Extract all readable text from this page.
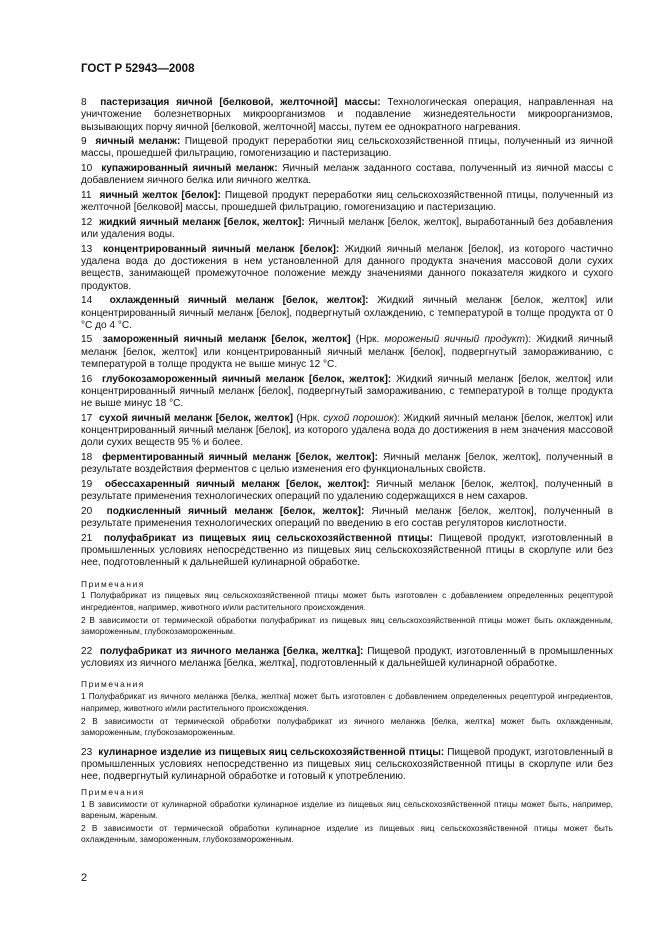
ГОСТ Р 52943—2008

8 пастеризация яичной [белковой, желточной] массы: Технологическая операция, направленная на уничтожение болезнетворных микроорганизмов и подавление жизнедеятельности микроорганизмов, вызывающих порчу яичной [белковой, желточной] массы, путем ее однократного нагревания.

9 яичный меланж: Пищевой продукт переработки яиц сельскохозяйственной птицы, полученный из яичной массы, прошедшей фильтрацию, гомогенизацию и пастеризацию.

10 купажированный яичный меланж: Яичный меланж заданного состава, полученный из яичной массы с добавлением яичного белка или яичного желтка.

11 яичный желток [белок]: Пищевой продукт переработки яиц сельскохозяйственной птицы, полученный из желточной [белковой] массы, прошедшей фильтрацию, гомогенизацию и пастеризацию.

12 жидкий яичный меланж [белок, желток]: Яичный меланж [белок, желток], выработанный без добавления или удаления воды.

13 концентрированный яичный меланж [белок]: Жидкий яичный меланж [белок], из которого частично удалена вода до достижения в нем установленной для данного продукта значения массовой доли сухих веществ, занимающей промежуточное положение между значениями данного показателя жидкого и сухого продуктов.

14 охлажденный яичный меланж [белок, желток]: Жидкий яичный меланж [белок, желток] или концентрированный яичный меланж [белок], подвергнутый охлаждению, с температурой в толще продукта от 0 °С до 4 °С.

15 замороженный яичный меланж [белок, желток] (Нрк. мороженый яичный продукт): Жидкий яичный меланж [белок, желток] или концентрированный яичный меланж [белок], подвергнутый замораживанию, с температурой в толще продукта не выше минус 12 °С.

16 глубокозамороженный яичный меланж [белок, желток]: Жидкий яичный меланж [белок, желток] или концентрированный яичный меланж [белок], подвергнутый замораживанию, с температурой в толще продукта не выше минус 18 °С.

17 сухой яичный меланж [белок, желток] (Нрк. сухой порошок): Жидкий яичный меланж [белок, желток] или концентрированный яичный меланж [белок], из которого удалена вода до достижения в нем значения массовой доли сухих веществ 95 % и более.

18 ферментированный яичный меланж [белок, желток]: Яичный меланж [белок, желток], полученный в результате воздействия ферментов с целью изменения его функциональных свойств.

19 обессахаренный яичный меланж [белок, желток]: Яичный меланж [белок, желток], полученный в результате применения технологических операций по удалению содержащихся в нем сахаров.

20 подкисленный яичный меланж [белок, желток]: Яичный меланж [белок, желток], полученный в результате применения технологических операций по введению в его состав регуляторов кислотности.

21 полуфабрикат из пищевых яиц сельскохозяйственной птицы: Пищевой продукт, изготовленный в промышленных условиях непосредственно из пищевых яиц сельскохозяйственной птицы в скорлупе или без нее, подготовленный к дальнейшей кулинарной обработке.

Примечания

1 Полуфабрикат из пищевых яиц сельскохозяйственной птицы может быть изготовлен с добавлением определенных рецептурой ингредиентов, например, животного и/или растительного происхождения.

2 В зависимости от термической обработки полуфабрикат из пищевых яиц сельскохозяйственной птицы может быть охлажденным, замороженным, глубокозамороженным.

22 полуфабрикат из яичного меланжа [белка, желтка]: Пищевой продукт, изготовленный в промышленных условиях из яичного меланжа [белка, желтка], подготовленный к дальнейшей кулинарной обработке.

Примечания

1 Полуфабрикат из яичного меланжа [белка, желтка] может быть изготовлен с добавлением определенных рецептурой ингредиентов, например, животного и/или растительного происхождения.

2 В зависимости от термической обработки полуфабрикат из яичного меланжа [белка, желтка] может быть охлажденным, замороженным, глубокозамороженным.

23 кулинарное изделие из пищевых яиц сельскохозяйственной птицы: Пищевой продукт, изготовленный в промышленных условиях непосредственно из пищевых яиц сельскохозяйственной птицы в скорлупе или без нее, подвергнутый кулинарной обработке и готовый к употреблению.

Примечания

1 В зависимости от кулинарной обработки кулинарное изделие из пищевых яиц сельскохозяйственной птицы может быть, например, вареным, жареным.

2 В зависимости от термической обработки кулинарное изделие из пищевых яиц сельскохозяйственной птицы может быть охлажденным, замороженным, глубокозамороженным.

2
